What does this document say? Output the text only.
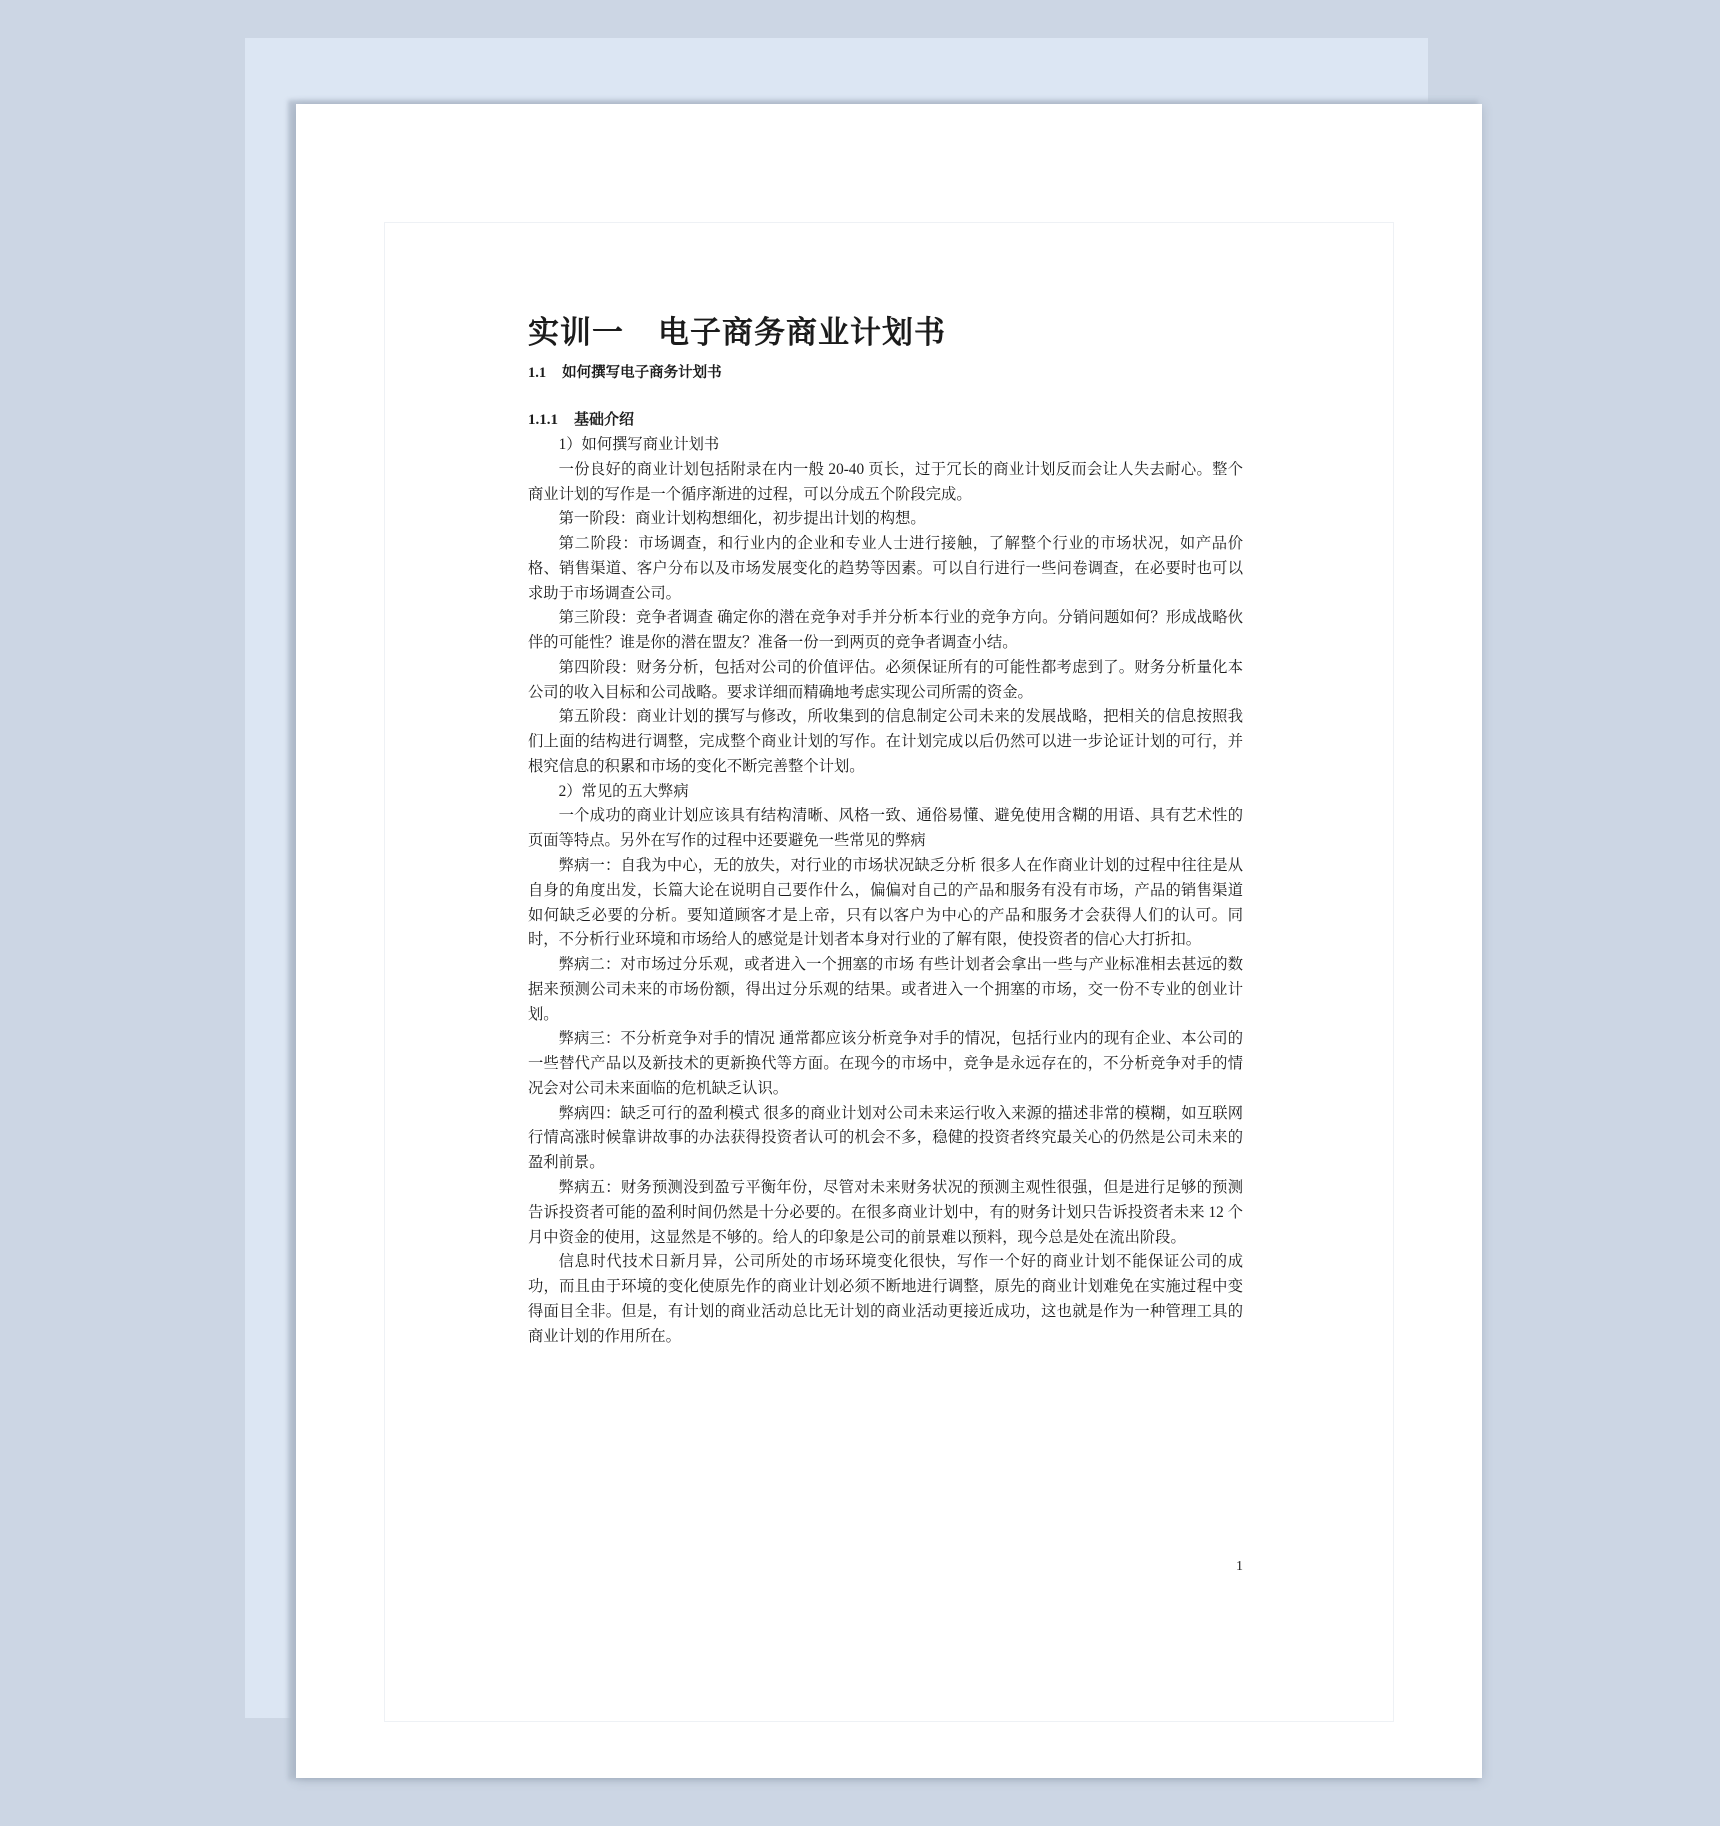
实训一 电子商务商业计划书
1.1 如何撰写电子商务计划书
1.1.1 基础介绍

1）如何撰写商业计划书

一份良好的商业计划包括附录在内一般 20-40 页长，过于冗长的商业计划反而会让人失去耐心。整个商业计划的写作是一个循序渐进的过程，可以分成五个阶段完成。

第一阶段：商业计划构想细化，初步提出计划的构想。

第二阶段：市场调查，和行业内的企业和专业人士进行接触，了解整个行业的市场状况，如产品价格、销售渠道、客户分布以及市场发展变化的趋势等因素。可以自行进行一些问卷调查，在必要时也可以求助于市场调查公司。

第三阶段：竞争者调查 确定你的潜在竞争对手并分析本行业的竞争方向。分销问题如何？形成战略伙伴的可能性？谁是你的潜在盟友？准备一份一到两页的竞争者调查小结。

第四阶段：财务分析，包括对公司的价值评估。必须保证所有的可能性都考虑到了。财务分析量化本公司的收入目标和公司战略。要求详细而精确地考虑实现公司所需的资金。

第五阶段：商业计划的撰写与修改，所收集到的信息制定公司未来的发展战略，把相关的信息按照我们上面的结构进行调整，完成整个商业计划的写作。在计划完成以后仍然可以进一步论证计划的可行，并根究信息的积累和市场的变化不断完善整个计划。

2）常见的五大弊病

一个成功的商业计划应该具有结构清晰、风格一致、通俗易懂、避免使用含糊的用语、具有艺术性的页面等特点。另外在写作的过程中还要避免一些常见的弊病

弊病一：自我为中心，无的放失，对行业的市场状况缺乏分析 很多人在作商业计划的过程中往往是从自身的角度出发，长篇大论在说明自己要作什么，偏偏对自己的产品和服务有没有市场，产品的销售渠道如何缺乏必要的分析。要知道顾客才是上帝，只有以客户为中心的产品和服务才会获得人们的认可。同时，不分析行业环境和市场给人的感觉是计划者本身对行业的了解有限，使投资者的信心大打折扣。

弊病二：对市场过分乐观，或者进入一个拥塞的市场 有些计划者会拿出一些与产业标准相去甚远的数据来预测公司未来的市场份额，得出过分乐观的结果。或者进入一个拥塞的市场，交一份不专业的创业计划。

弊病三：不分析竞争对手的情况 通常都应该分析竞争对手的情况，包括行业内的现有企业、本公司的一些替代产品以及新技术的更新换代等方面。在现今的市场中，竞争是永远存在的，不分析竞争对手的情况会对公司未来面临的危机缺乏认识。

弊病四：缺乏可行的盈利模式 很多的商业计划对公司未来运行收入来源的描述非常的模糊，如互联网行情高涨时候靠讲故事的办法获得投资者认可的机会不多，稳健的投资者终究最关心的仍然是公司未来的盈利前景。

弊病五：财务预测没到盈亏平衡年份，尽管对未来财务状况的预测主观性很强，但是进行足够的预测告诉投资者可能的盈利时间仍然是十分必要的。在很多商业计划中，有的财务计划只告诉投资者未来 12 个月中资金的使用，这显然是不够的。给人的印象是公司的前景难以预料，现今总是处在流出阶段。

信息时代技术日新月异，公司所处的市场环境变化很快，写作一个好的商业计划不能保证公司的成功，而且由于环境的变化使原先作的商业计划必须不断地进行调整，原先的商业计划难免在实施过程中变得面目全非。但是，有计划的商业活动总比无计划的商业活动更接近成功，这也就是作为一种管理工具的商业计划的作用所在。

1
